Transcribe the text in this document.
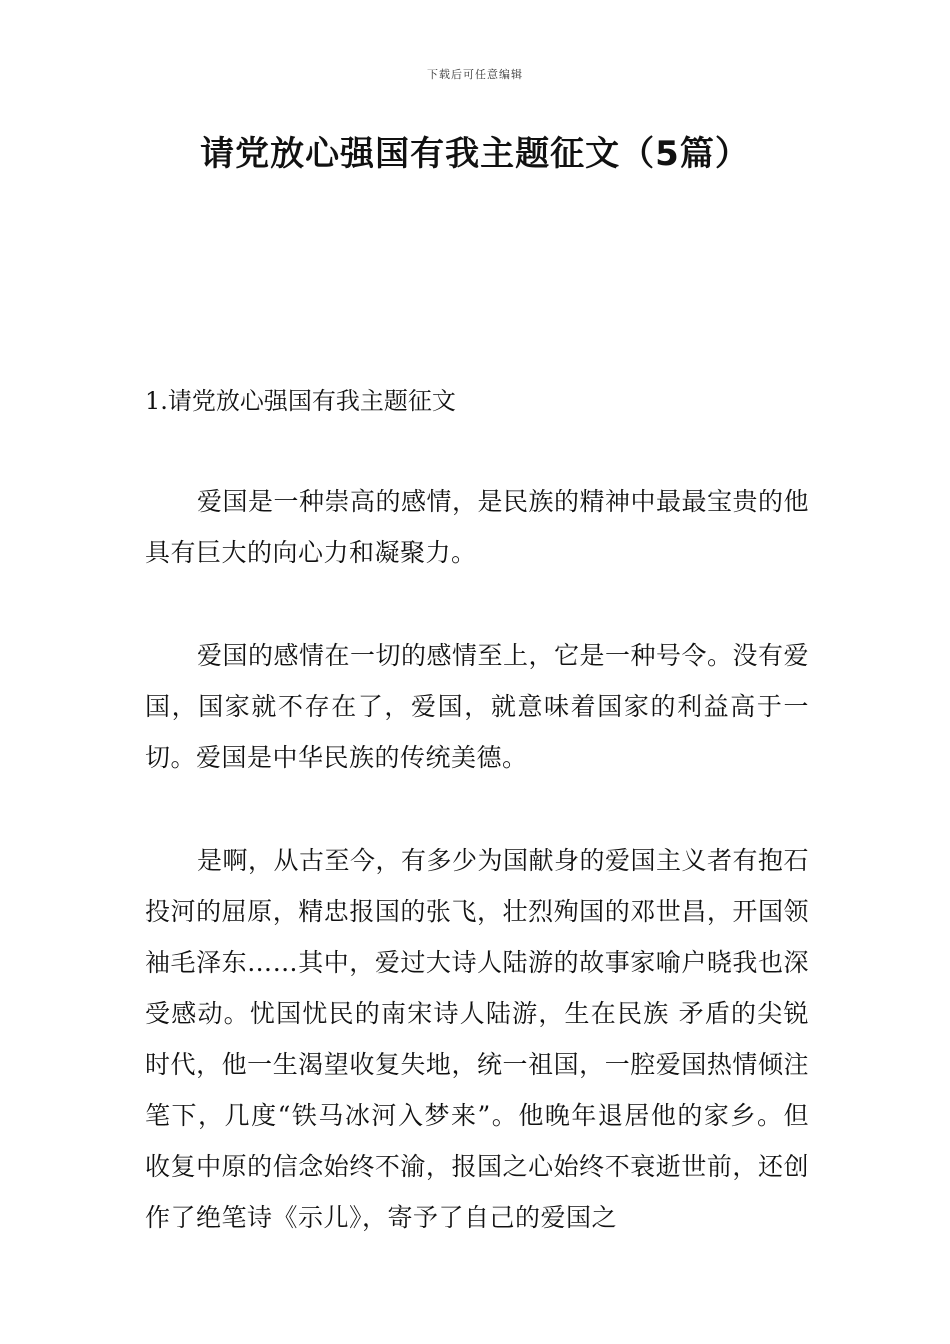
下载后可任意编辑
请党放心强国有我主题征文（5篇）
1.请党放心强国有我主题征文

爱国是一种崇高的感情，是民族的精神中最最宝贵的他具有巨大的向心力和凝聚力。

爱国的感情在一切的感情至上，它是一种号令。没有爱国，国家就不存在了，爱国，就意味着国家的利益高于一切。爱国是中华民族的传统美德。

是啊，从古至今，有多少为国献身的爱国主义者有抱石投河的屈原，精忠报国的张飞，壮烈殉国的邓世昌，开国领袖毛泽东……其中，爱过大诗人陆游的故事家喻户晓我也深受感动。忧国忧民的南宋诗人陆游，生在民族 矛盾的尖锐时代，他一生渴望收复失地，统一祖国，一腔爱国热情倾注笔下，几度“铁马冰河入梦来”。他晚年退居他的家乡。但收复中原的信念始终不渝，报国之心始终不衰逝世前，还创作了绝笔诗《示儿》，寄予了自己的爱国之
